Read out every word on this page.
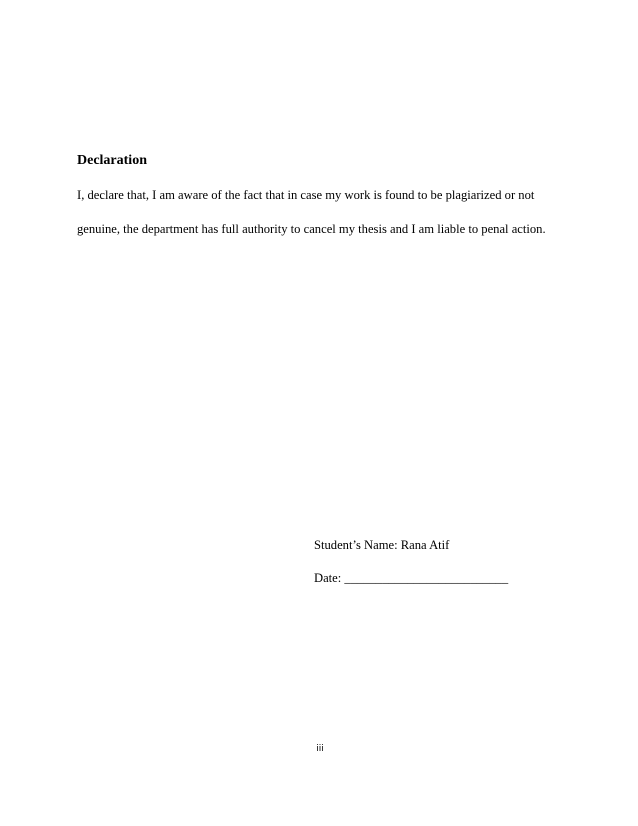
Declaration
I, declare that, I am aware of the fact that in case my work is found to be plagiarized or not
genuine, the department has full authority to cancel my thesis and I am liable to penal action.
Student’s Name: Rana Atif
Date: __________________________
iii
